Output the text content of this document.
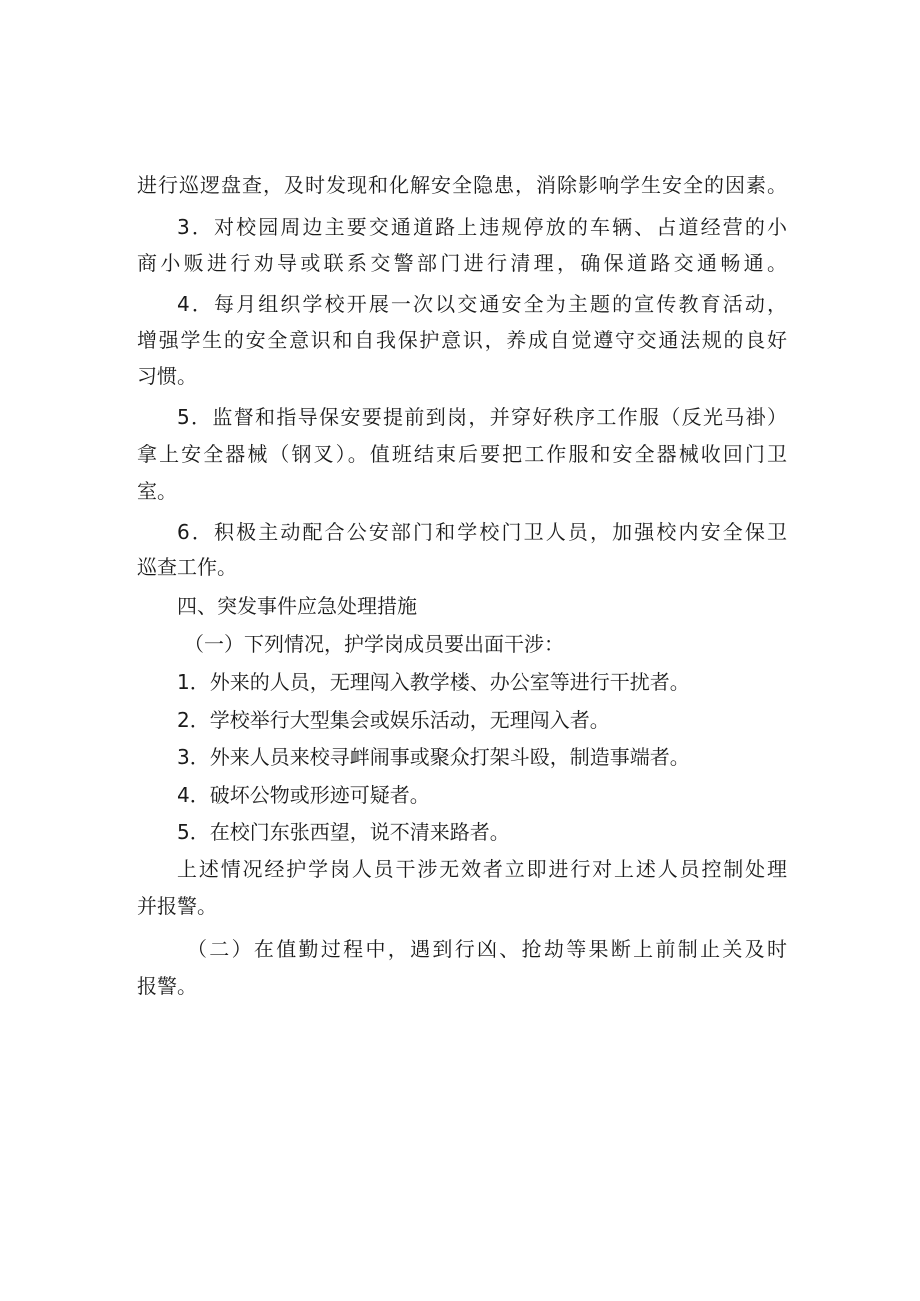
进行巡逻盘查，及时发现和化解安全隐患，消除影响学生安全的因素。
3．对校园周边主要交通道路上违规停放的车辆、占道经营的小
商小贩进行劝导或联系交警部门进行清理，确保道路交通畅通。
4．每月组织学校开展一次以交通安全为主题的宣传教育活动，
增强学生的安全意识和自我保护意识，养成自觉遵守交通法规的良好
习惯。
5．监督和指导保安要提前到岗，并穿好秩序工作服（反光马褂）
拿上安全器械（钢叉）。值班结束后要把工作服和安全器械收回门卫
室。
6．积极主动配合公安部门和学校门卫人员，加强校内安全保卫
巡查工作。
四、突发事件应急处理措施
（一）下列情况，护学岗成员要出面干涉：
1．外来的人员，无理闯入教学楼、办公室等进行干扰者。
2．学校举行大型集会或娱乐活动，无理闯入者。
3．外来人员来校寻衅闹事或聚众打架斗殴，制造事端者。
4．破坏公物或形迹可疑者。
5．在校门东张西望，说不清来路者。
上述情况经护学岗人员干涉无效者立即进行对上述人员控制处理
并报警。
（二）在值勤过程中，遇到行凶、抢劫等果断上前制止关及时
报警。
